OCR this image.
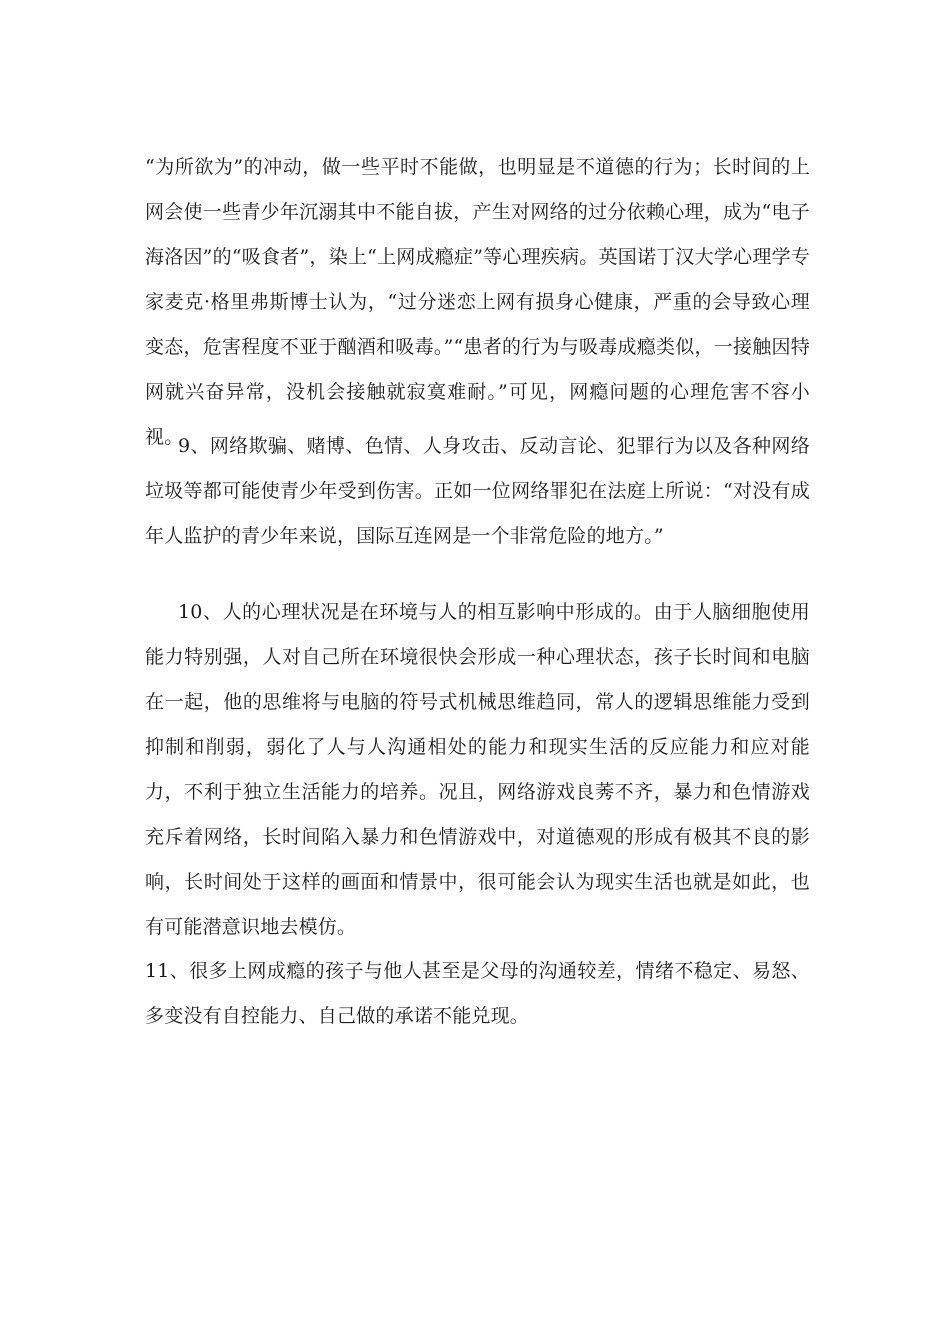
“为所欲为”的冲动，做一些平时不能做，也明显是不道德的行为；长时间的上网会使一些青少年沉溺其中不能自拔，产生对网络的过分依赖心理，成为“电子海洛因”的“吸食者”，染上“上网成瘾症”等心理疾病。英国诺丁汉大学心理学专家麦克·格里弗斯博士认为，“过分迷恋上网有损身心健康，严重的会导致心理变态，危害程度不亚于酗酒和吸毒。”“患者的行为与吸毒成瘾类似，一接触因特网就兴奋异常，没机会接触就寂寞难耐。”可见，网瘾问题的心理危害不容小视。

9、网络欺骗、赌博、色情、人身攻击、反动言论、犯罪行为以及各种网络垃圾等都可能使青少年受到伤害。正如一位网络罪犯在法庭上所说：“对没有成年人监护的青少年来说，国际互连网是一个非常危险的地方。”

10、人的心理状况是在环境与人的相互影响中形成的。由于人脑细胞使用能力特别强，人对自己所在环境很快会形成一种心理状态，孩子长时间和电脑在一起，他的思维将与电脑的符号式机械思维趋同，常人的逻辑思维能力受到抑制和削弱，弱化了人与人沟通相处的能力和现实生活的反应能力和应对能力，不利于独立生活能力的培养。况且，网络游戏良莠不齐，暴力和色情游戏充斥着网络，长时间陷入暴力和色情游戏中，对道德观的形成有极其不良的影响，长时间处于这样的画面和情景中，很可能会认为现实生活也就是如此，也有可能潜意识地去模仿。

11、很多上网成瘾的孩子与他人甚至是父母的沟通较差，情绪不稳定、易怒、多变没有自控能力、自己做的承诺不能兑现。
